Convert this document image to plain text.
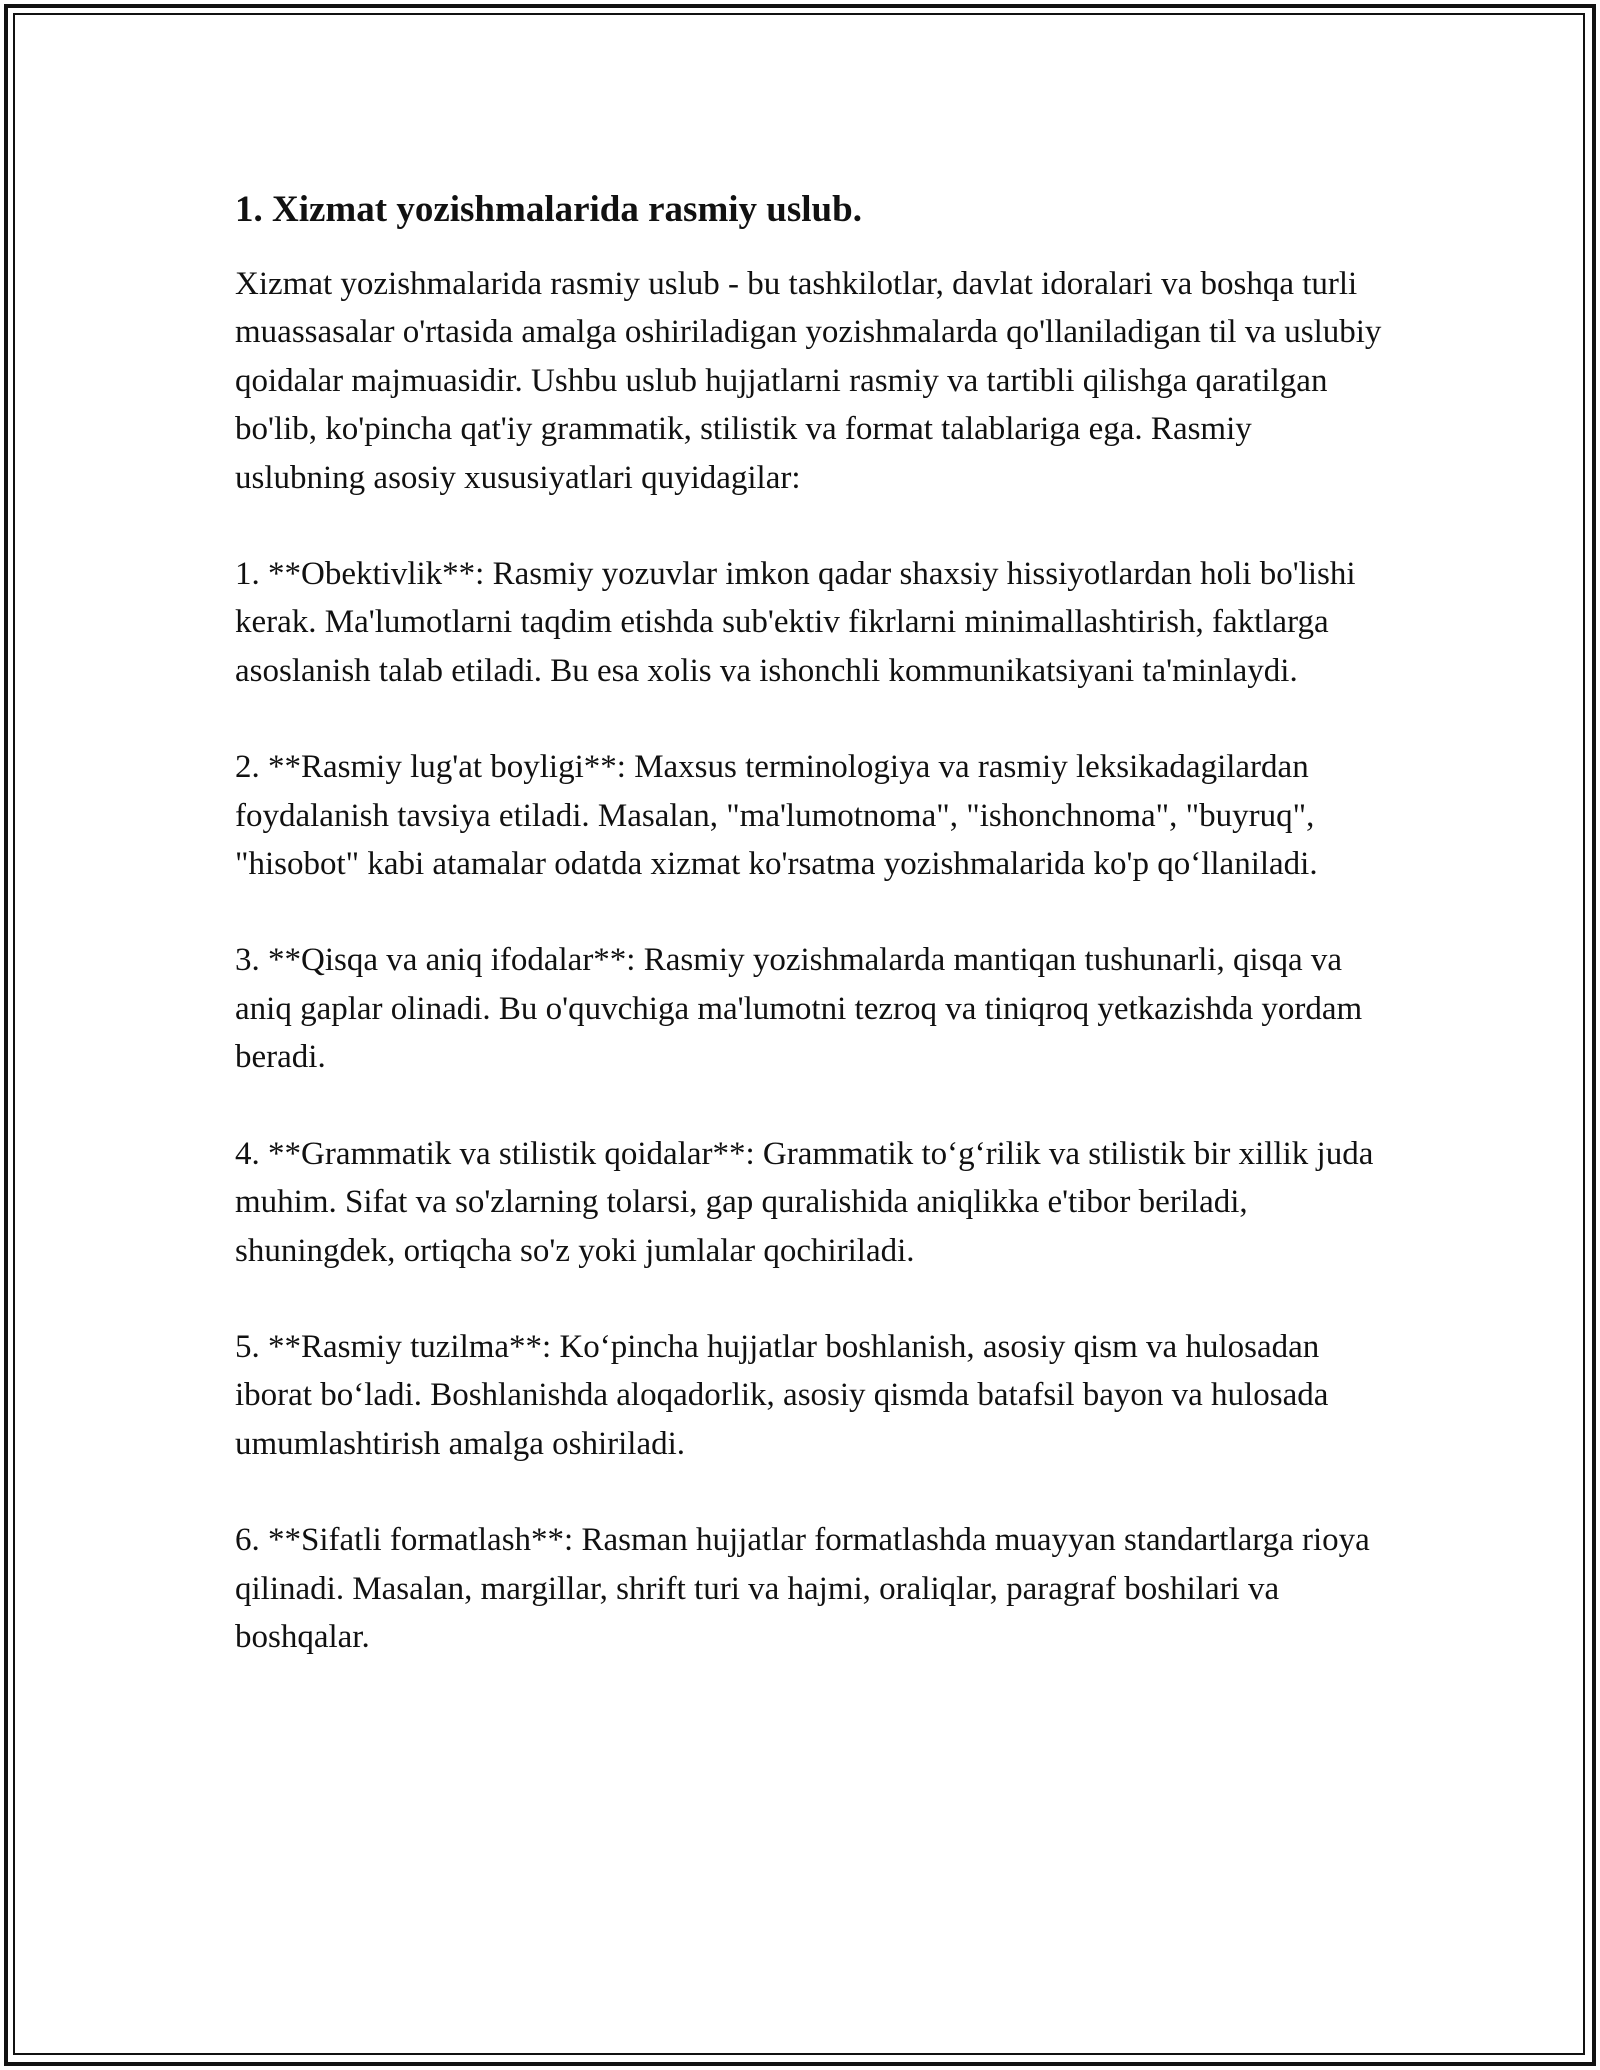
1. Xizmat yozishmalarida rasmiy uslub.

Xizmat yozishmalarida rasmiy uslub - bu tashkilotlar, davlat idoralari va boshqa turli muassasalar o'rtasida amalga oshiriladigan yozishmalarda qo'llaniladigan til va uslubiy qoidalar majmuasidir. Ushbu uslub hujjatlarni rasmiy va tartibli qilishga qaratilgan bo'lib, ko'pincha qat'iy grammatik, stilistik va format talablariga ega. Rasmiy uslubning asosiy xususiyatlari quyidagilar:

1. **Obektivlik**: Rasmiy yozuvlar imkon qadar shaxsiy hissiyotlardan holi bo'lishi kerak. Ma'lumotlarni taqdim etishda sub'ektiv fikrlarni minimallashtirish, faktlarga asoslanish talab etiladi. Bu esa xolis va ishonchli kommunikatsiyani ta'minlaydi.

2. **Rasmiy lug'at boyligi**: Maxsus terminologiya va rasmiy leksikadagilardan foydalanish tavsiya etiladi. Masalan, "ma'lumotnoma", "ishonchnoma", "buyruq", "hisobot" kabi atamalar odatda xizmat ko'rsatma yozishmalarida ko'p qo‘llaniladi.

3. **Qisqa va aniq ifodalar**: Rasmiy yozishmalarda mantiqan tushunarli, qisqa va aniq gaplar olinadi. Bu o'quvchiga ma'lumotni tezroq va tiniqroq yetkazishda yordam beradi.

4. **Grammatik va stilistik qoidalar**: Grammatik to‘g‘rilik va stilistik bir xillik juda muhim. Sifat va so'zlarning tolarsi, gap quralishida aniqlikka e'tibor beriladi, shuningdek, ortiqcha so'z yoki jumlalar qochiriladi.

5. **Rasmiy tuzilma**: Ko‘pincha hujjatlar boshlanish, asosiy qism va hulosadan iborat bo‘ladi. Boshlanishda aloqadorlik, asosiy qismda batafsil bayon va hulosada umumlashtirish amalga oshiriladi.

6. **Sifatli formatlash**: Rasman hujjatlar formatlashda muayyan standartlarga rioya qilinadi. Masalan, margillar, shrift turi va hajmi, oraliqlar, paragraf boshilari va boshqalar.
